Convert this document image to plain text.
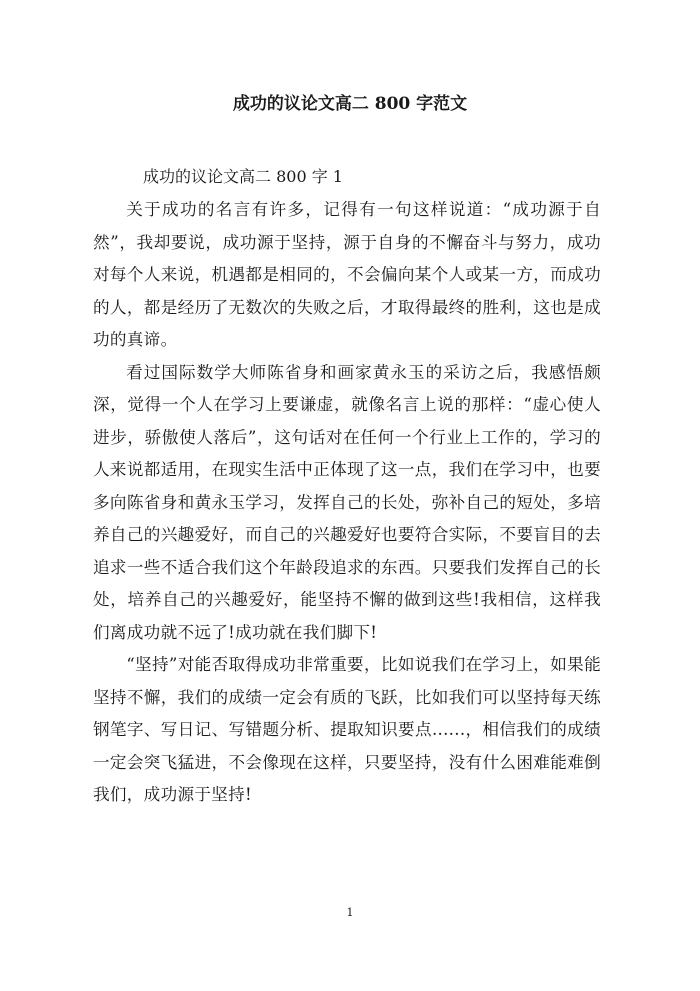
成功的议论文高二 800 字范文
成功的议论文高二 800 字 1

关于成功的名言有许多，记得有一句这样说道：“成功源于自然”，我却要说，成功源于坚持，源于自身的不懈奋斗与努力，成功对每个人来说，机遇都是相同的，不会偏向某个人或某一方，而成功的人，都是经历了无数次的失败之后，才取得最终的胜利，这也是成功的真谛。

看过国际数学大师陈省身和画家黄永玉的采访之后，我感悟颇深，觉得一个人在学习上要谦虚，就像名言上说的那样：“虚心使人进步，骄傲使人落后”，这句话对在任何一个行业上工作的，学习的人来说都适用，在现实生活中正体现了这一点，我们在学习中，也要多向陈省身和黄永玉学习，发挥自己的长处，弥补自己的短处，多培养自己的兴趣爱好，而自己的兴趣爱好也要符合实际，不要盲目的去追求一些不适合我们这个年龄段追求的东西。只要我们发挥自己的长处，培养自己的兴趣爱好，能坚持不懈的做到这些!我相信，这样我们离成功就不远了!成功就在我们脚下!

“坚持”对能否取得成功非常重要，比如说我们在学习上，如果能坚持不懈，我们的成绩一定会有质的飞跃，比如我们可以坚持每天练钢笔字、写日记、写错题分析、提取知识要点......，相信我们的成绩一定会突飞猛进，不会像现在这样，只要坚持，没有什么困难能难倒我们，成功源于坚持!

1
